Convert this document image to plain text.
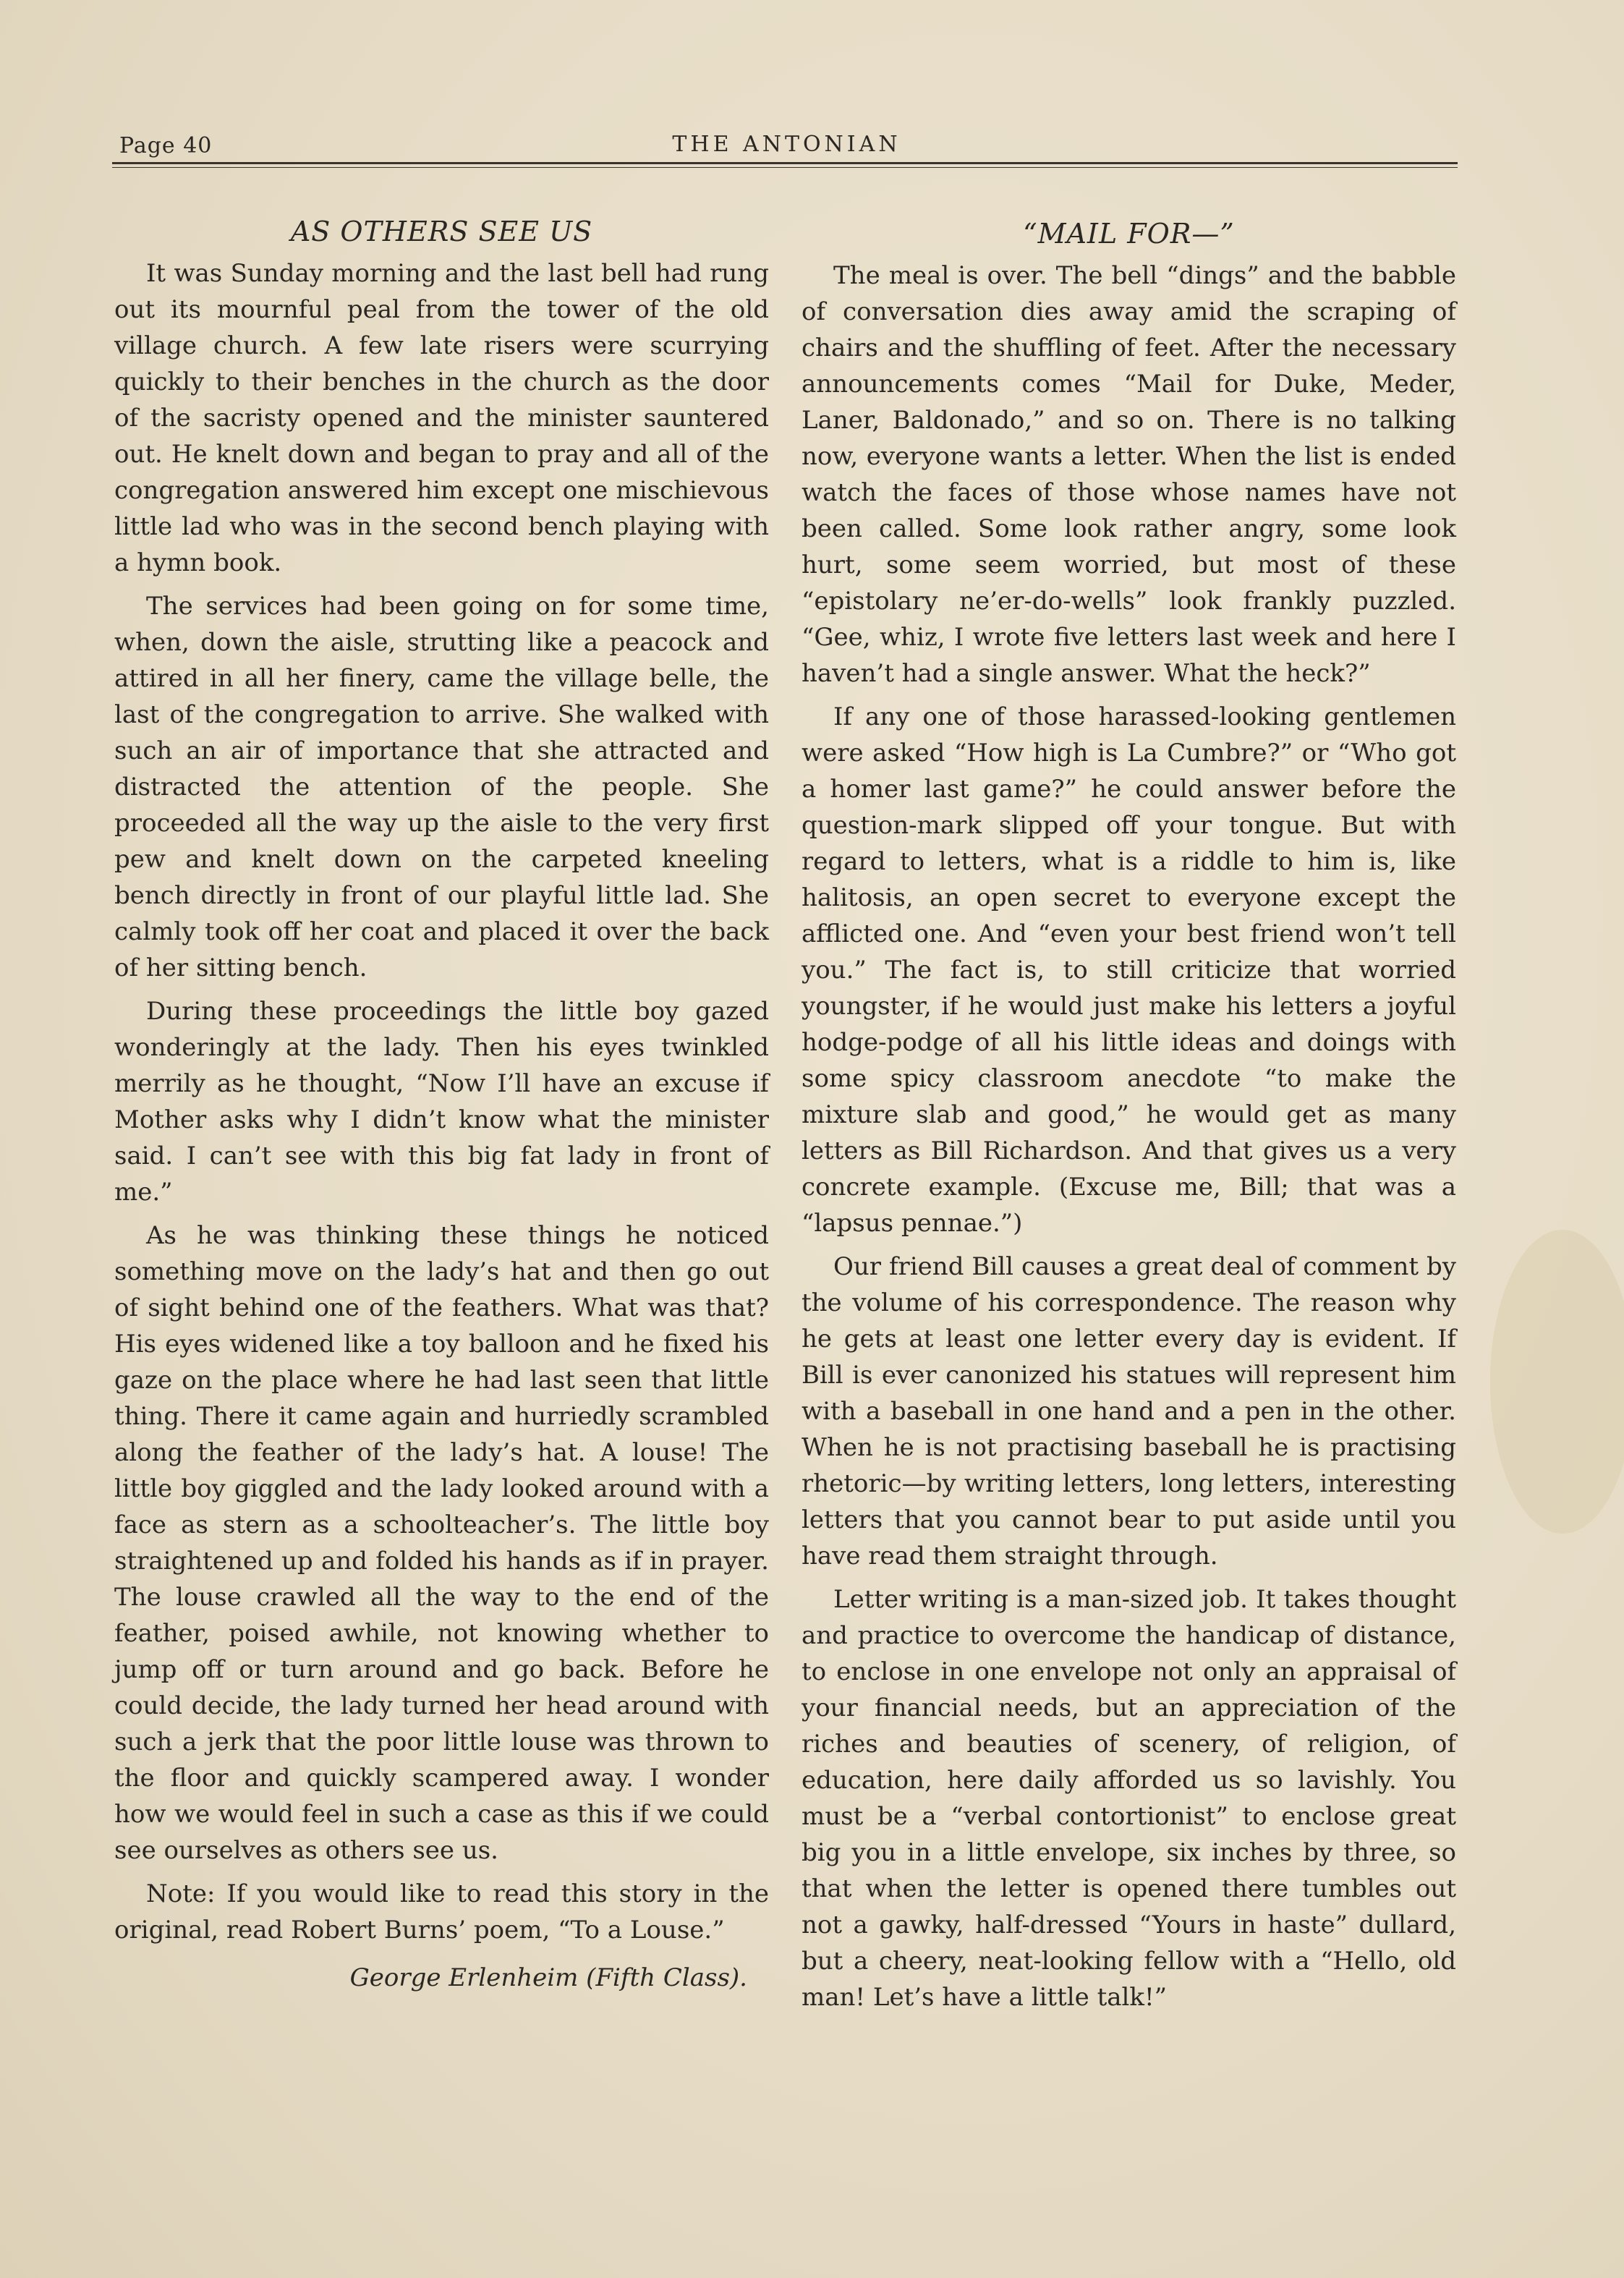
Page 40	THE ANTONIAN
AS OTHERS SEE US

It was Sunday morning and the last bell had rung out its mournful peal from the tower of the old village church. A few late risers were scurrying quickly to their benches in the church as the door of the sacristy opened and the minister sauntered out. He knelt down and began to pray and all of the congregation answered him except one mischievous little lad who was in the second bench playing with a hymn book.

The services had been going on for some time, when, down the aisle, strutting like a peacock and attired in all her finery, came the village belle, the last of the congregation to arrive. She walked with such an air of importance that she attracted and distracted the attention of the people. She proceeded all the way up the aisle to the very first pew and knelt down on the carpeted kneeling bench directly in front of our playful little lad. She calmly took off her coat and placed it over the back of her sitting bench.

During these proceedings the little boy gazed wonderingly at the lady. Then his eyes twinkled merrily as he thought, “Now I’ll have an excuse if Mother asks why I didn’t know what the minister said. I can’t see with this big fat lady in front of me.”

As he was thinking these things he noticed something move on the lady’s hat and then go out of sight behind one of the feathers. What was that? His eyes widened like a toy balloon and he fixed his gaze on the place where he had last seen that little thing. There it came again and hurriedly scrambled along the feather of the lady’s hat. A louse! The little boy giggled and the lady looked around with a face as stern as a schoolteacher’s. The little boy straightened up and folded his hands as if in prayer. The louse crawled all the way to the end of the feather, poised awhile, not knowing whether to jump off or turn around and go back. Before he could decide, the lady turned her head around with such a jerk that the poor little louse was thrown to the floor and quickly scampered away. I wonder how we would feel in such a case as this if we could see ourselves as others see us.

Note: If you would like to read this story in the original, read Robert Burns’ poem, “To a Louse.”

George Erlenheim (Fifth Class).

“MAIL FOR—”

The meal is over. The bell “dings” and the babble of conversation dies away amid the scraping of chairs and the shuffling of feet. After the necessary announcements comes “Mail for Duke, Meder, Laner, Baldonado,” and so on. There is no talking now, everyone wants a letter. When the list is ended watch the faces of those whose names have not been called. Some look rather angry, some look hurt, some seem worried, but most of these “epistolary ne’er-do-wells” look frankly puzzled. “Gee, whiz, I wrote five letters last week and here I haven’t had a single answer. What the heck?”

If any one of those harassed-looking gentlemen were asked “How high is La Cumbre?” or “Who got a homer last game?” he could answer before the question-mark slipped off your tongue. But with regard to letters, what is a riddle to him is, like halitosis, an open secret to everyone except the afflicted one. And “even your best friend won’t tell you.” The fact is, to still criticize that worried youngster, if he would just make his letters a joyful hodge-podge of all his little ideas and doings with some spicy classroom anecdote “to make the mixture slab and good,” he would get as many letters as Bill Richardson. And that gives us a very concrete example. (Excuse me, Bill; that was a “lapsus pennae.”)

Our friend Bill causes a great deal of comment by the volume of his correspondence. The reason why he gets at least one letter every day is evident. If Bill is ever canonized his statues will represent him with a baseball in one hand and a pen in the other. When he is not practising baseball he is practising rhetoric—by writing letters, long letters, interesting letters that you cannot bear to put aside until you have read them straight through.

Letter writing is a man-sized job. It takes thought and practice to overcome the handicap of distance, to enclose in one envelope not only an appraisal of your financial needs, but an appreciation of the riches and beauties of scenery, of religion, of education, here daily afforded us so lavishly. You must be a “verbal contortionist” to enclose great big you in a little envelope, six inches by three, so that when the letter is opened there tumbles out not a gawky, half-dressed “Yours in haste” dullard, but a cheery, neat-looking fellow with a “Hello, old man! Let’s have a little talk!”
